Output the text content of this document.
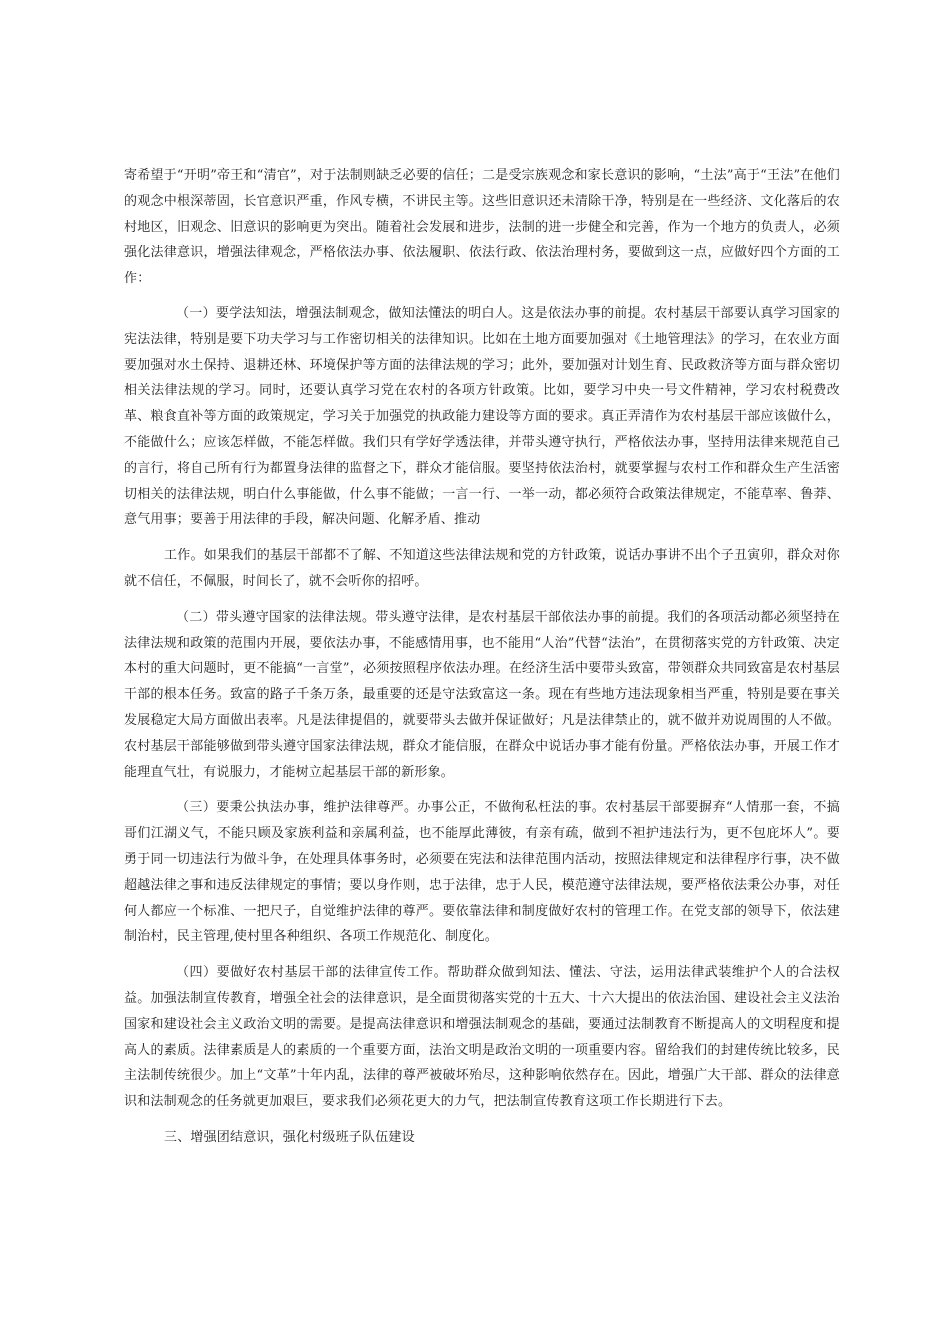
寄希望于“开明”帝王和“清官”，对于法制则缺乏必要的信任；二是受宗族观念和家长意识的影响，“土法”高于“王法”在他们的观念中根深蒂固，长官意识严重，作风专横，不讲民主等。这些旧意识还未清除干净，特别是在一些经济、文化落后的农村地区，旧观念、旧意识的影响更为突出。随着社会发展和进步，法制的进一步健全和完善，作为一个地方的负责人，必须强化法律意识，增强法律观念，严格依法办事、依法履职、依法行政、依法治理村务，要做到这一点，应做好四个方面的工作：

（一）要学法知法，增强法制观念，做知法懂法的明白人。这是依法办事的前提。农村基层干部要认真学习国家的宪法法律，特别是要下功夫学习与工作密切相关的法律知识。比如在土地方面要加强对《土地管理法》的学习，在农业方面要加强对水土保持、退耕还林、环境保护等方面的法律法规的学习；此外，要加强对计划生育、民政救济等方面与群众密切相关法律法规的学习。同时，还要认真学习党在农村的各项方针政策。比如，要学习中央一号文件精神，学习农村税费改革、粮食直补等方面的政策规定，学习关于加强党的执政能力建设等方面的要求。真正弄清作为农村基层干部应该做什么，不能做什么；应该怎样做，不能怎样做。我们只有学好学透法律，并带头遵守执行，严格依法办事，坚持用法律来规范自己的言行，将自己所有行为都置身法律的监督之下，群众才能信服。要坚持依法治村，就要掌握与农村工作和群众生产生活密切相关的法律法规，明白什么事能做，什么事不能做；一言一行、一举一动，都必须符合政策法律规定，不能草率、鲁莽、意气用事；要善于用法律的手段，解决问题、化解矛盾、推动

工作。如果我们的基层干部都不了解、不知道这些法律法规和党的方针政策，说话办事讲不出个子丑寅卯，群众对你就不信任，不佩服，时间长了，就不会听你的招呼。

（二）带头遵守国家的法律法规。带头遵守法律，是农村基层干部依法办事的前提。我们的各项活动都必须坚持在法律法规和政策的范围内开展，要依法办事，不能感情用事，也不能用“人治”代替“法治”，在贯彻落实党的方针政策、决定本村的重大问题时，更不能搞“一言堂”，必须按照程序依法办理。在经济生活中要带头致富，带领群众共同致富是农村基层干部的根本任务。致富的路子千条万条，最重要的还是守法致富这一条。现在有些地方违法现象相当严重，特别是要在事关发展稳定大局方面做出表率。凡是法律提倡的，就要带头去做并保证做好；凡是法律禁止的，就不做并劝说周围的人不做。农村基层干部能够做到带头遵守国家法律法规，群众才能信服，在群众中说话办事才能有份量。严格依法办事，开展工作才能理直气壮，有说服力，才能树立起基层干部的新形象。

（三）要秉公执法办事，维护法律尊严。办事公正，不做徇私枉法的事。农村基层干部要摒弃“人情那一套，不搞哥们江湖义气，不能只顾及家族利益和亲属利益，也不能厚此薄彼，有亲有疏，做到不袒护违法行为，更不包庇坏人”。要勇于同一切违法行为做斗争，在处理具体事务时，必须要在宪法和法律范围内活动，按照法律规定和法律程序行事，决不做超越法律之事和违反法律规定的事情；要以身作则，忠于法律，忠于人民，模范遵守法律法规，要严格依法秉公办事，对任何人都应一个标准、一把尺子，自觉维护法律的尊严。要依靠法律和制度做好农村的管理工作。在党支部的领导下，依法建制治村，民主管理,使村里各种组织、各项工作规范化、制度化。

（四）要做好农村基层干部的法律宣传工作。帮助群众做到知法、懂法、守法，运用法律武装维护个人的合法权益。加强法制宣传教育，增强全社会的法律意识，是全面贯彻落实党的十五大、十六大提出的依法治国、建设社会主义法治国家和建设社会主义政治文明的需要。是提高法律意识和增强法制观念的基础，要通过法制教育不断提高人的文明程度和提高人的素质。法律素质是人的素质的一个重要方面，法治文明是政治文明的一项重要内容。留给我们的封建传统比较多，民主法制传统很少。加上“文革”十年内乱，法律的尊严被破坏殆尽，这种影响依然存在。因此，增强广大干部、群众的法律意识和法制观念的任务就更加艰巨，要求我们必须花更大的力气，把法制宣传教育这项工作长期进行下去。

三、增强团结意识，强化村级班子队伍建设
